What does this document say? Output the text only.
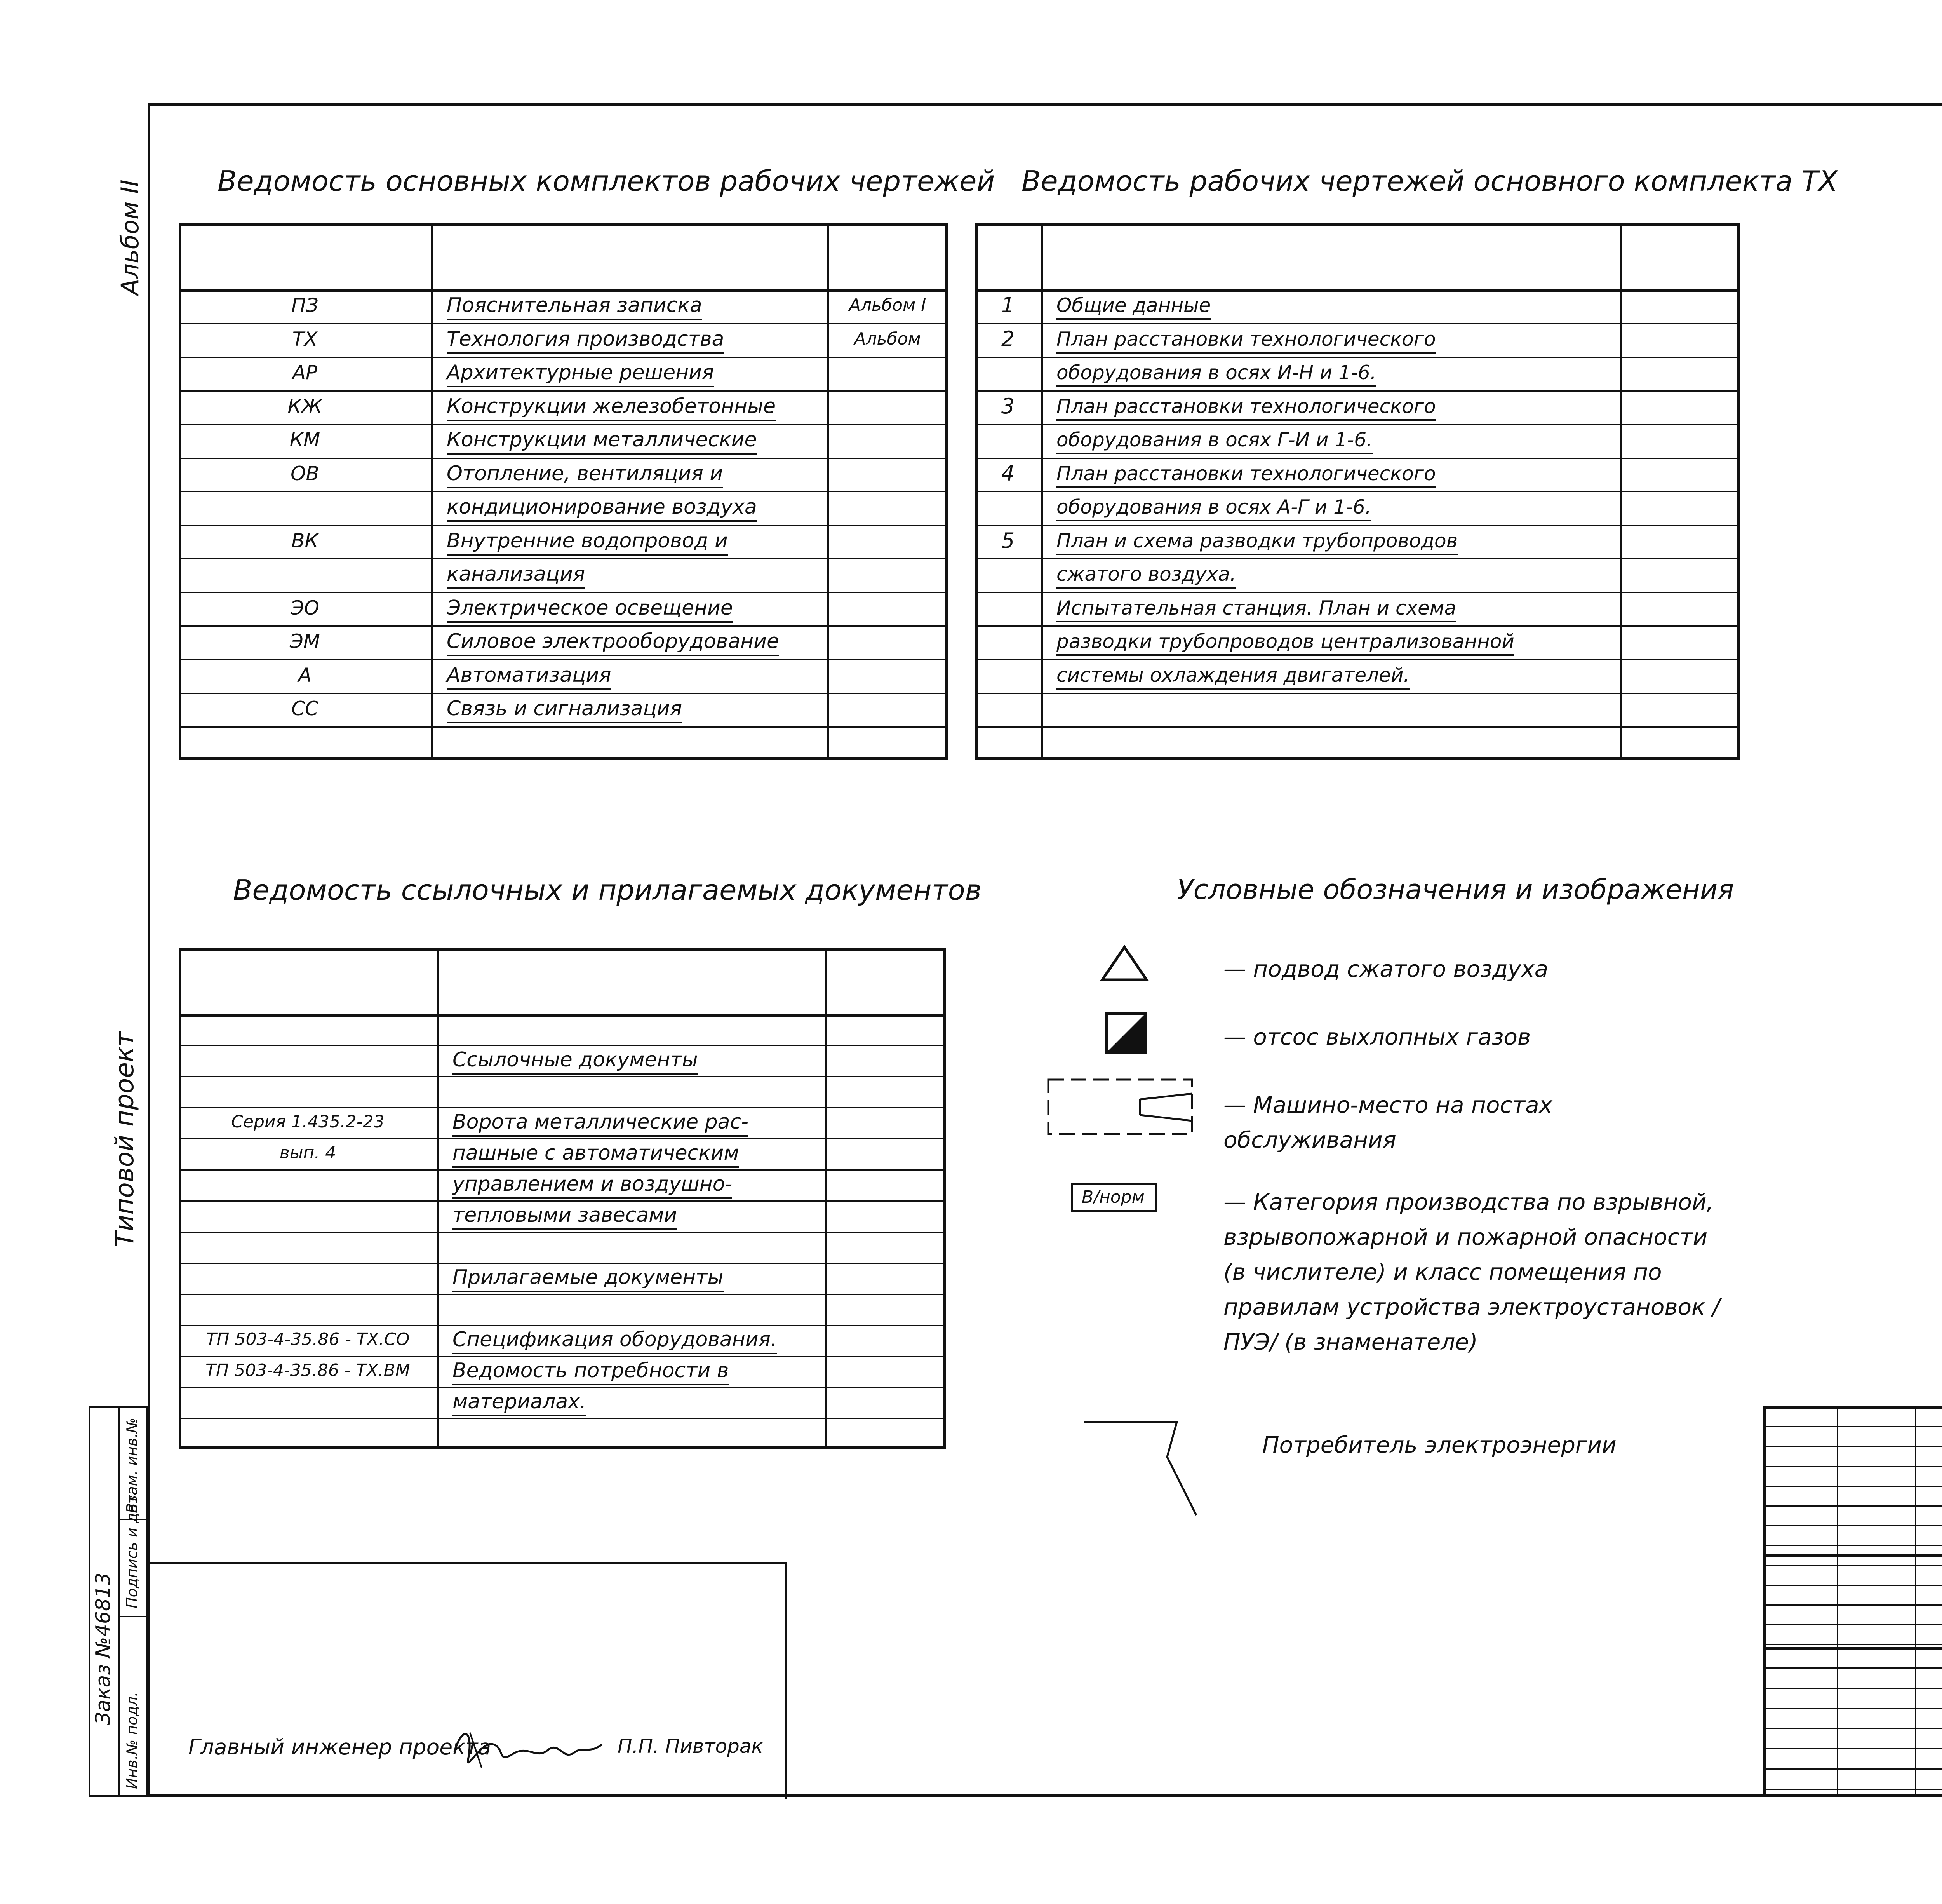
Альбом II
Типовой проект
Заказ №46813
Инв.№ подл.
Подпись и дата
Взам. инв.№
Ведомость основных комплектов рабочих чертежей
ПЗ	Пояснительная записка	Альбом I
ТХ	Технология производства	Альбом
АР	Архитектурные решения
КЖ	Конструкции железобетонные
КМ	Конструкции металлические
ОВ	Отопление, вентиляция и
кондиционирование воздуха
ВК	Внутренние водопровод и
канализация
ЭО	Электрическое освещение
ЭМ	Силовое электрооборудование
А	Автоматизация
СС	Связь и сигнализация
Ведомость рабочих чертежей основного комплекта ТХ
1	Общие данные
2	План расстановки технологического
оборудования в осях И-Н и 1-6.
3	План расстановки технологического
оборудования в осях Г-И и 1-6.
4	План расстановки технологического
оборудования в осях А-Г и 1-6.
5	План и схема разводки трубопроводов
сжатого воздуха.
Испытательная станция. План и схема
разводки трубопроводов централизованной
системы охлаждения двигателей.
Ведомость ссылочных и прилагаемых документов
Ссылочные документы
Серия 1.435.2-23	Ворота металлические рас-
вып. 4	пашные с автоматическим
управлением и воздушно-
тепловыми завесами
Прилагаемые документы
ТП 503-4-35.86 - ТХ.СО	Спецификация оборудования.
ТП 503-4-35.86 - ТХ.ВМ	Ведомость потребности в
материалах.
Условные обозначения и изображения
— подвод сжатого воздуха
— отсос выхлопных газов
— Машино-место на постах обслуживания
В/норм	— Категория производства по взрывной, взрывопожарной и пожарной опасности (в числителе) и класс помещения по правилам устройства электроустановок /ПУЭ/ (в знаменателе)
Потребитель электроэнергии
Главный инженер проекта	П.П. Пивторак
